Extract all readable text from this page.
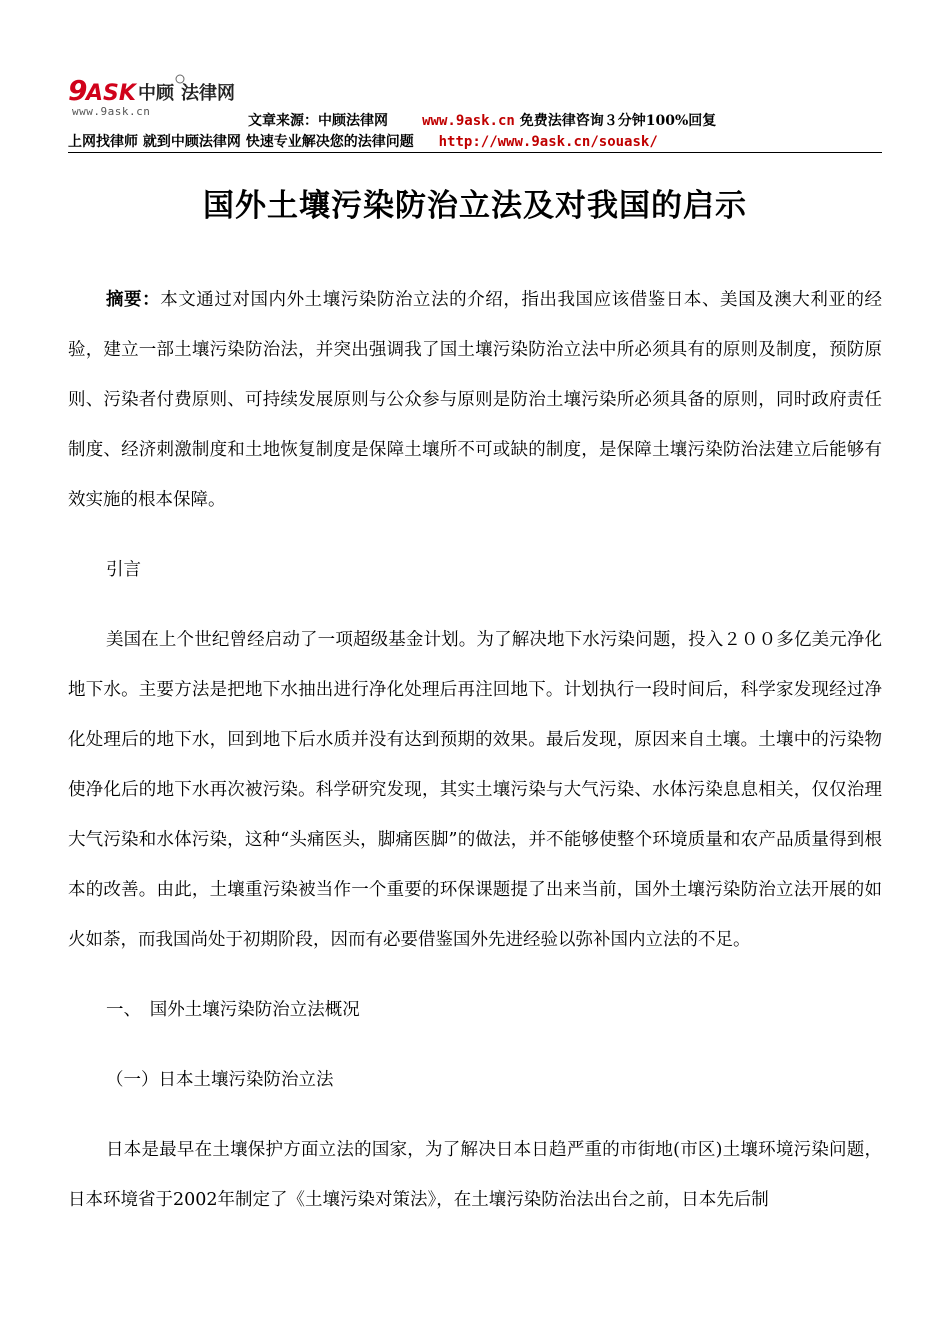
9
ASK 中顾 法律网
www.9ask.cn
文章来源：中顾法律网 www.9ask.cn 免费法律咨询３分钟100%回复
上网找律师 就到中顾法律网 快速专业解决您的法律问题 http://www.9ask.cn/souask/
国外土壤污染防治立法及对我国的启示

摘要：本文通过对国内外土壤污染防治立法的介绍，指出我国应该借鉴日本、美国及澳大利亚的经验，建立一部土壤污染防治法，并突出强调我了国土壤污染防治立法中所必须具有的原则及制度，预防原则、污染者付费原则、可持续发展原则与公众参与原则是防治土壤污染所必须具备的原则，同时政府责任制度、经济刺激制度和土地恢复制度是保障土壤所不可或缺的制度，是保障土壤污染防治法建立后能够有效实施的根本保障。

引言

美国在上个世纪曾经启动了一项超级基金计划。为了解决地下水污染问题，投入２００多亿美元净化地下水。主要方法是把地下水抽出进行净化处理后再注回地下。计划执行一段时间后，科学家发现经过净化处理后的地下水，回到地下后水质并没有达到预期的效果。最后发现，原因来自土壤。土壤中的污染物使净化后的地下水再次被污染。科学研究发现，其实土壤污染与大气污染、水体污染息息相关，仅仅治理大气污染和水体污染，这种“头痛医头，脚痛医脚”的做法，并不能够使整个环境质量和农产品质量得到根本的改善。由此，土壤重污染被当作一个重要的环保课题提了出来当前，国外土壤污染防治立法开展的如火如荼，而我国尚处于初期阶段，因而有必要借鉴国外先进经验以弥补国内立法的不足。

一、　国外土壤污染防治立法概况

（一）日本土壤污染防治立法

日本是最早在土壤保护方面立法的国家，为了解决日本日趋严重的市街地(市区)土壤环境污染问题，日本环境省于2002年制定了《土壤污染对策法》，在土壤污染防治法出台之前，日本先后制
